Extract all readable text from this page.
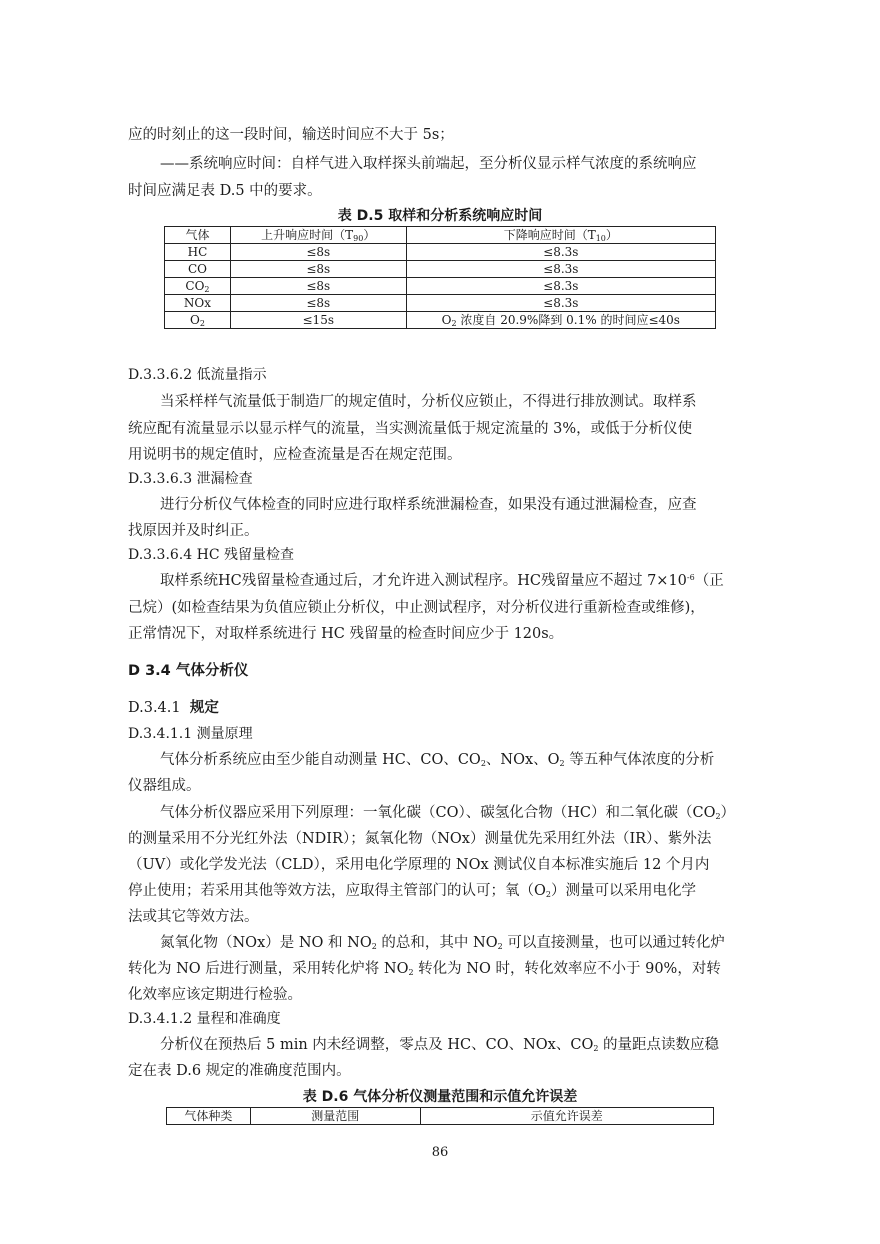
应的时刻止的这一段时间，输送时间应不大于 5s；
——系统响应时间：自样气进入取样探头前端起，至分析仪显示样气浓度的系统响应
时间应满足表 D.5 中的要求。
表 D.5 取样和分析系统响应时间
气体	上升响应时间$(T_{90})$	下降响应时间$(T_{10})$
HC	≤8s	≤8.3s
CO	≤8s	≤8.3s
$CO_2$	≤8s	≤8.3s
NOx	≤8s	≤8.3s
$O_2$	≤15s	$O_2$ 浓度自 20.9%降到 0.1% 的时间应≤40s
D.3.3.6.2 低流量指示
当采样样气流量低于制造厂的规定值时，分析仪应锁止，不得进行排放测试。取样系
统应配有流量显示以显示样气的流量，当实测流量低于规定流量的 3%，或低于分析仪使
用说明书的规定值时，应检查流量是否在规定范围。
D.3.3.6.3 泄漏检查
进行分析仪气体检查的同时应进行取样系统泄漏检查，如果没有通过泄漏检查，应查
找原因并及时纠正。
D.3.3.6.4 HC 残留量检查
取样系统HC残留量检查通过后，才允许进入测试程序。HC残留量应不超过 $7\times 10^{-6}$（正
己烷）(如检查结果为负值应锁止分析仪，中止测试程序，对分析仪进行重新检查或维修)，
正常情况下，对取样系统进行 HC 残留量的检查时间应少于 120s。
D 3.4 气体分析仪
D.3.4.1 规定
D.3.4.1.1 测量原理
气体分析系统应由至少能自动测量 HC、CO、$CO_2$、NOx、$O_2$ 等五种气体浓度的分析
仪器组成。
气体分析仪器应采用下列原理：一氧化碳（CO）、碳氢化合物（HC）和二氧化碳$(CO_2)$
的测量采用不分光红外法（NDIR）；氮氧化物（NOx）测量优先采用红外法（IR）、紫外法
（UV）或化学发光法（CLD），采用电化学原理的 NOx 测试仪自本标准实施后 12 个月内
停止使用；若采用其他等效方法，应取得主管部门的认可；氧$(O_2)$测量可以采用电化学
法或其它等效方法。
氮氧化物（NOx）是 NO 和 $NO_2$ 的总和，其中 $NO_2$ 可以直接测量，也可以通过转化炉
转化为 NO 后进行测量，采用转化炉将 $NO_2$ 转化为 NO 时，转化效率应不小于 90%，对转
化效率应该定期进行检验。
D.3.4.1.2 量程和准确度
分析仪在预热后 5 min 内未经调整，零点及 HC、CO、NOx、$CO_2$ 的量距点读数应稳
定在表 D.6 规定的准确度范围内。
表 D.6 气体分析仪测量范围和示值允许误差
气体种类	测量范围	示值允许误差
86
